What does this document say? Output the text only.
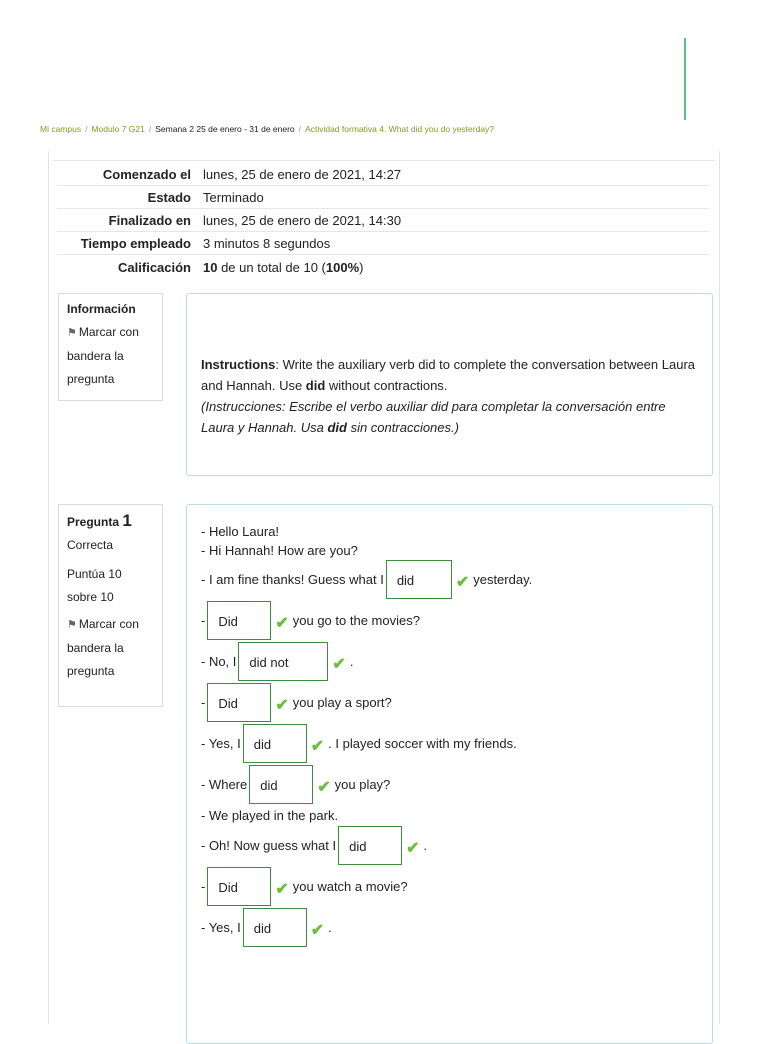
Mi campus / Modulo 7 G21 / Semana 2 25 de enero - 31 de enero / Actividad formativa 4. What did you do yesterday?
Comenzado el	lunes, 25 de enero de 2021, 14:27
Estado	Terminado
Finalizado en	lunes, 25 de enero de 2021, 14:30
Tiempo empleado	3 minutos 8 segundos
Calificación	10 de un total de 10 (100%)
Información
⚑ Marcar con bandera la pregunta
Instructions: Write the auxiliary verb did to complete the conversation between Laura and Hannah. Use did without contractions.
(Instrucciones: Escribe el verbo auxiliar did para completar la conversación entre Laura y Hannah. Usa did sin contracciones.)
Pregunta 1
Correcta
Puntúa 10 sobre 10
⚑ Marcar con bandera la pregunta
- Hello Laura!
- Hi Hannah! How are you?
- I am fine thanks! Guess what I	did	✔ yesterday.
-	Did	✔ you go to the movies?
- No, I	did not	✔ .
-	Did	✔ you play a sport?
- Yes, I	did	✔ . I played soccer with my friends.
- Where	did	✔ you play?
- We played in the park.
- Oh! Now guess what I	did	✔ .
-	Did	✔ you watch a movie?
- Yes, I	did	✔ .
